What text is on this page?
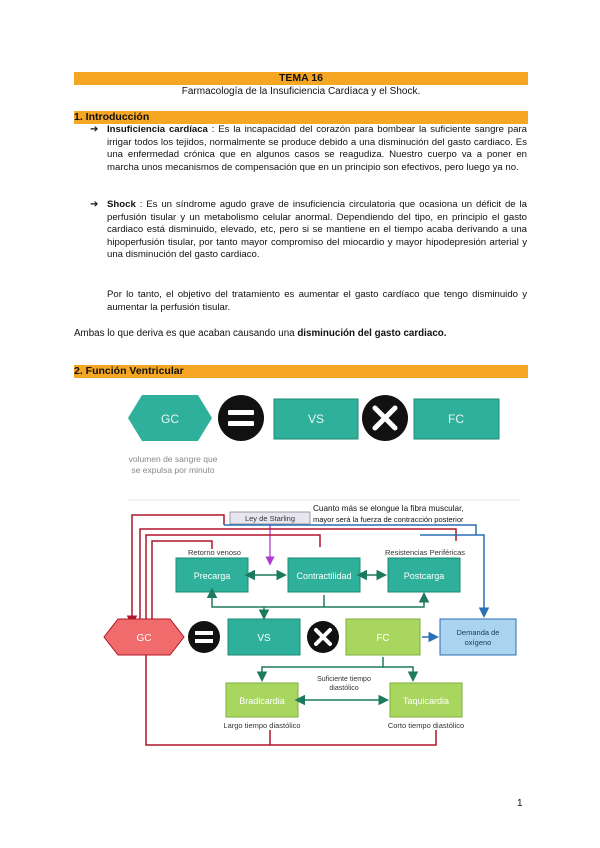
TEMA 16
Farmacología de la Insuficiencia Cardíaca y el Shock.
1. Introducción
➔ Insuficiencia cardíaca : Es la incapacidad del corazón para bombear la suficiente sangre para irrigar todos los tejidos, normalmente se produce debido a una disminución del gasto cardiaco. Es una enfermedad crónica que en algunos casos se reagudiza. Nuestro cuerpo va a poner en marcha unos mecanismos de compensación que en un principio son efectivos, pero luego ya no.
➔ Shock : Es un síndrome agudo grave de insuficiencia circulatoria que ocasiona un déficit de la perfusión tisular y un metabolismo celular anormal. Dependiendo del tipo, en principio el gasto cardiaco está disminuido, elevado, etc, pero si se mantiene en el tiempo acaba derivando a una hipoperfusión tisular, por tanto mayor compromiso del miocardio y mayor hipodepresión arterial y una disminución del gasto cardiaco.
Por lo tanto, el objetivo del tratamiento es aumentar el gasto cardíaco que tengo disminuido y aumentar la perfusión tisular.
Ambas lo que deriva es que acaban causando una disminución del gasto cardiaco.
2. Función Ventricular
GC	VS	FC
volumen de sangre que
se expulsa por minuto
Ley de Starling
Cuanto más se elongue la fibra muscular,
mayor será la fuerza de contracción posterior
Retorno venoso	Resistencias Periféricas
Precarga	Contractilidad	Postcarga
GC	VS	FC
Demanda de
oxígeno
Bradicardia	Taquicardia
Suficiente tiempo
diastólico
Largo tiempo diastólico	Corto tiempo diastólico
1
